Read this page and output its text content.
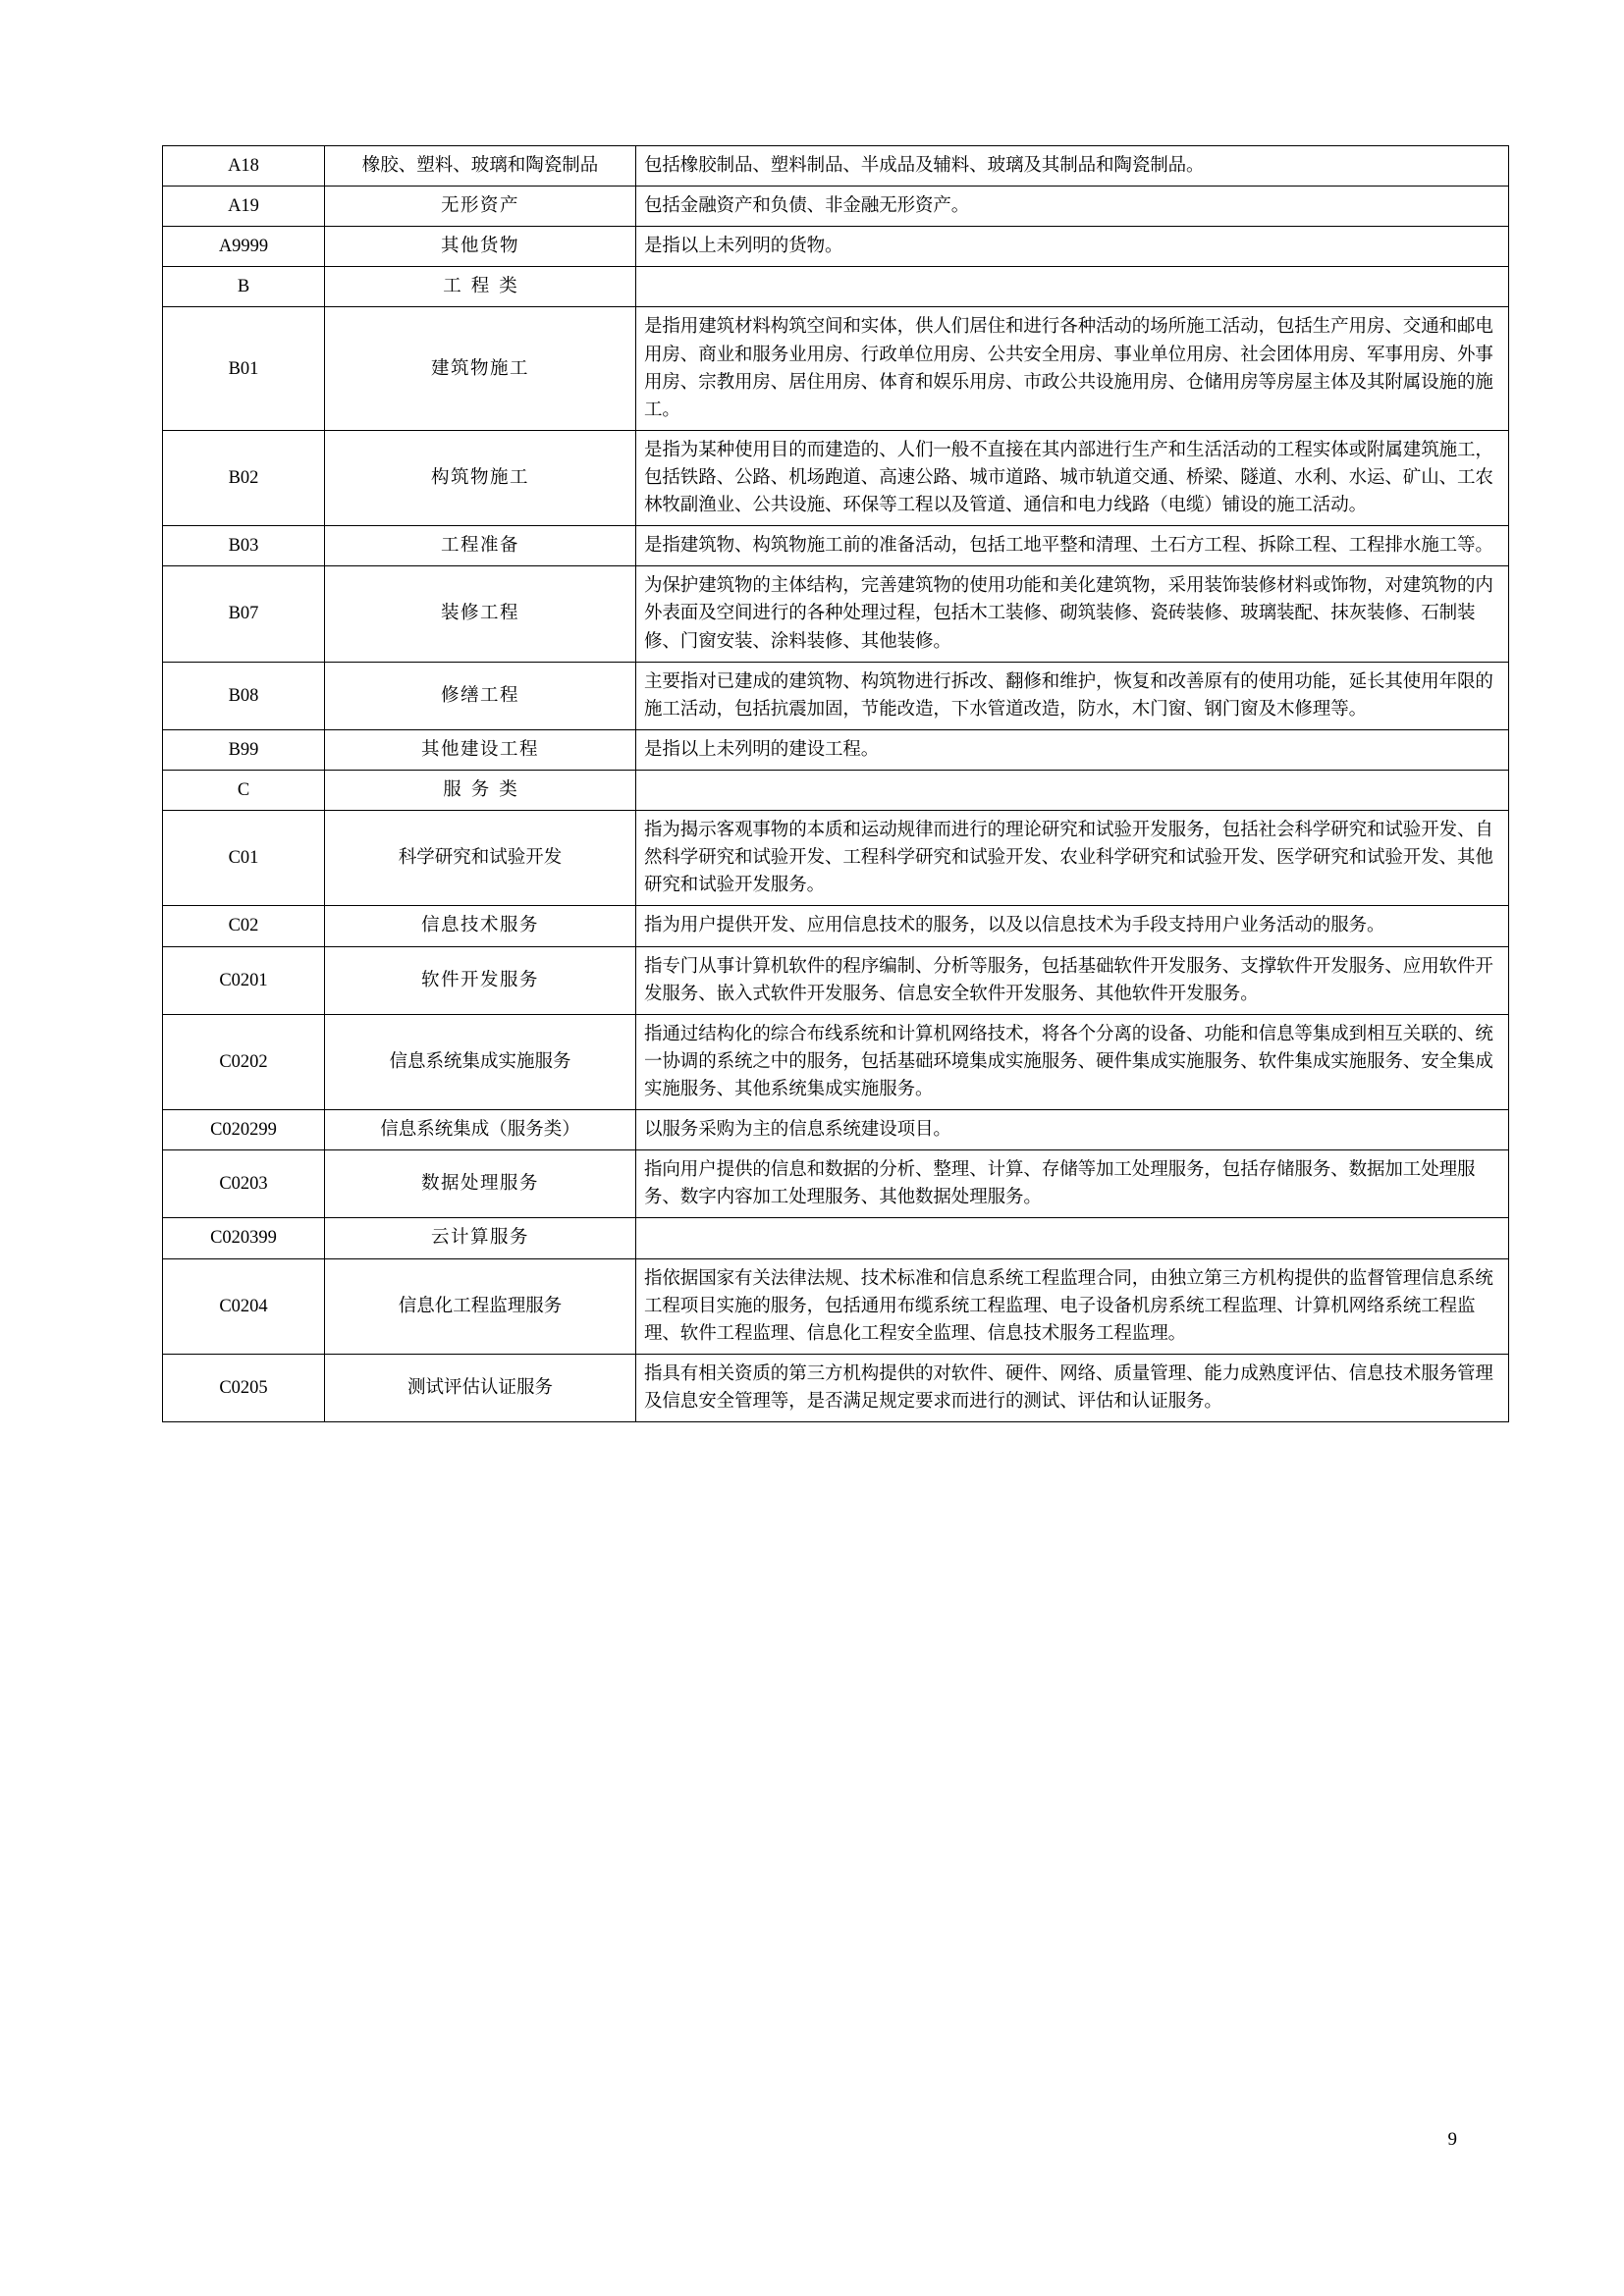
A18	橡胶、塑料、玻璃和陶瓷制品	包括橡胶制品、塑料制品、半成品及辅料、玻璃及其制品和陶瓷制品。
A19	无形资产	包括金融资产和负债、非金融无形资产。
A9999	其他货物	是指以上未列明的货物。
B	工程类	
B01	建筑物施工	是指用建筑材料构筑空间和实体，供人们居住和进行各种活动的场所施工活动，包括生产用房、交通和邮电用房、商业和服务业用房、行政单位用房、公共安全用房、事业单位用房、社会团体用房、军事用房、外事用房、宗教用房、居住用房、体育和娱乐用房、市政公共设施用房、仓储用房等房屋主体及其附属设施的施工。
B02	构筑物施工	是指为某种使用目的而建造的、人们一般不直接在其内部进行生产和生活活动的工程实体或附属建筑施工，包括铁路、公路、机场跑道、高速公路、城市道路、城市轨道交通、桥梁、隧道、水利、水运、矿山、工农林牧副渔业、公共设施、环保等工程以及管道、通信和电力线路（电缆）铺设的施工活动。
B03	工程准备	是指建筑物、构筑物施工前的准备活动，包括工地平整和清理、土石方工程、拆除工程、工程排水施工等。
B07	装修工程	为保护建筑物的主体结构，完善建筑物的使用功能和美化建筑物，采用装饰装修材料或饰物，对建筑物的内外表面及空间进行的各种处理过程，包括木工装修、砌筑装修、瓷砖装修、玻璃装配、抹灰装修、石制装修、门窗安装、涂料装修、其他装修。
B08	修缮工程	主要指对已建成的建筑物、构筑物进行拆改、翻修和维护，恢复和改善原有的使用功能，延长其使用年限的施工活动，包括抗震加固，节能改造，下水管道改造，防水，木门窗、钢门窗及木修理等。
B99	其他建设工程	是指以上未列明的建设工程。
C	服务类	
C01	科学研究和试验开发	指为揭示客观事物的本质和运动规律而进行的理论研究和试验开发服务，包括社会科学研究和试验开发、自然科学研究和试验开发、工程科学研究和试验开发、农业科学研究和试验开发、医学研究和试验开发、其他研究和试验开发服务。
C02	信息技术服务	指为用户提供开发、应用信息技术的服务，以及以信息技术为手段支持用户业务活动的服务。
C0201	软件开发服务	指专门从事计算机软件的程序编制、分析等服务，包括基础软件开发服务、支撑软件开发服务、应用软件开发服务、嵌入式软件开发服务、信息安全软件开发服务、其他软件开发服务。
C0202	信息系统集成实施服务	指通过结构化的综合布线系统和计算机网络技术，将各个分离的设备、功能和信息等集成到相互关联的、统一协调的系统之中的服务，包括基础环境集成实施服务、硬件集成实施服务、软件集成实施服务、安全集成实施服务、其他系统集成实施服务。
C020299	信息系统集成（服务类）	以服务采购为主的信息系统建设项目。
C0203	数据处理服务	指向用户提供的信息和数据的分析、整理、计算、存储等加工处理服务，包括存储服务、数据加工处理服务、数字内容加工处理服务、其他数据处理服务。
C020399	云计算服务	
C0204	信息化工程监理服务	指依据国家有关法律法规、技术标准和信息系统工程监理合同，由独立第三方机构提供的监督管理信息系统工程项目实施的服务，包括通用布缆系统工程监理、电子设备机房系统工程监理、计算机网络系统工程监理、软件工程监理、信息化工程安全监理、信息技术服务工程监理。
C0205	测试评估认证服务	指具有相关资质的第三方机构提供的对软件、硬件、网络、质量管理、能力成熟度评估、信息技术服务管理及信息安全管理等，是否满足规定要求而进行的测试、评估和认证服务。
9
